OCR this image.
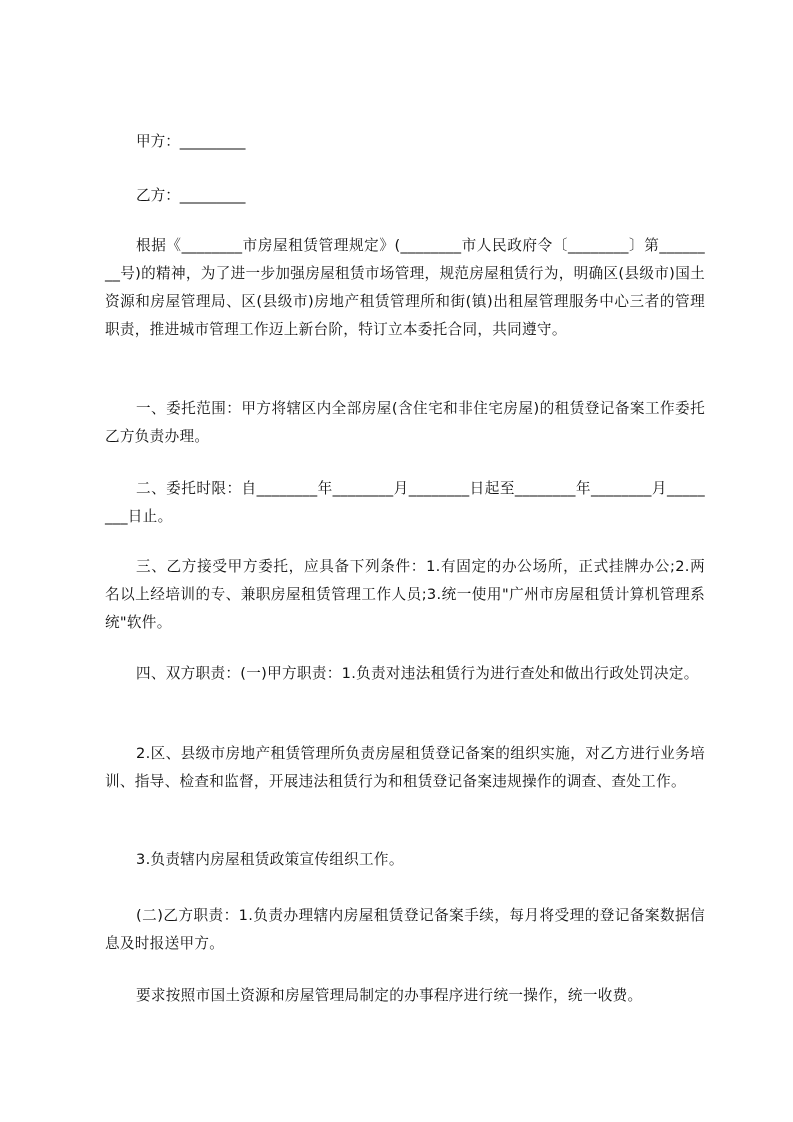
甲方：_________
乙方：_________
根据《________市房屋租赁管理规定》(________市人民政府令〔________〕第________号)的精神，为了进一步加强房屋租赁市场管理，规范房屋租赁行为，明确区(县级市)国土资源和房屋管理局、区(县级市)房地产租赁管理所和街(镇)出租屋管理服务中心三者的管理职责，推进城市管理工作迈上新台阶，特订立本委托合同，共同遵守。
一、委托范围：甲方将辖区内全部房屋(含住宅和非住宅房屋)的租赁登记备案工作委托乙方负责办理。
二、委托时限：自________年________月________日起至________年________月________日止。
三、乙方接受甲方委托，应具备下列条件：1.有固定的办公场所，正式挂牌办公;2.两名以上经培训的专、兼职房屋租赁管理工作人员;3.统一使用"广州市房屋租赁计算机管理系统"软件。
四、双方职责：(一)甲方职责：1.负责对违法租赁行为进行查处和做出行政处罚决定。
2.区、县级市房地产租赁管理所负责房屋租赁登记备案的组织实施，对乙方进行业务培训、指导、检查和监督，开展违法租赁行为和租赁登记备案违规操作的调查、查处工作。
3.负责辖内房屋租赁政策宣传组织工作。
(二)乙方职责：1.负责办理辖内房屋租赁登记备案手续，每月将受理的登记备案数据信息及时报送甲方。
要求按照市国土资源和房屋管理局制定的办事程序进行统一操作，统一收费。
